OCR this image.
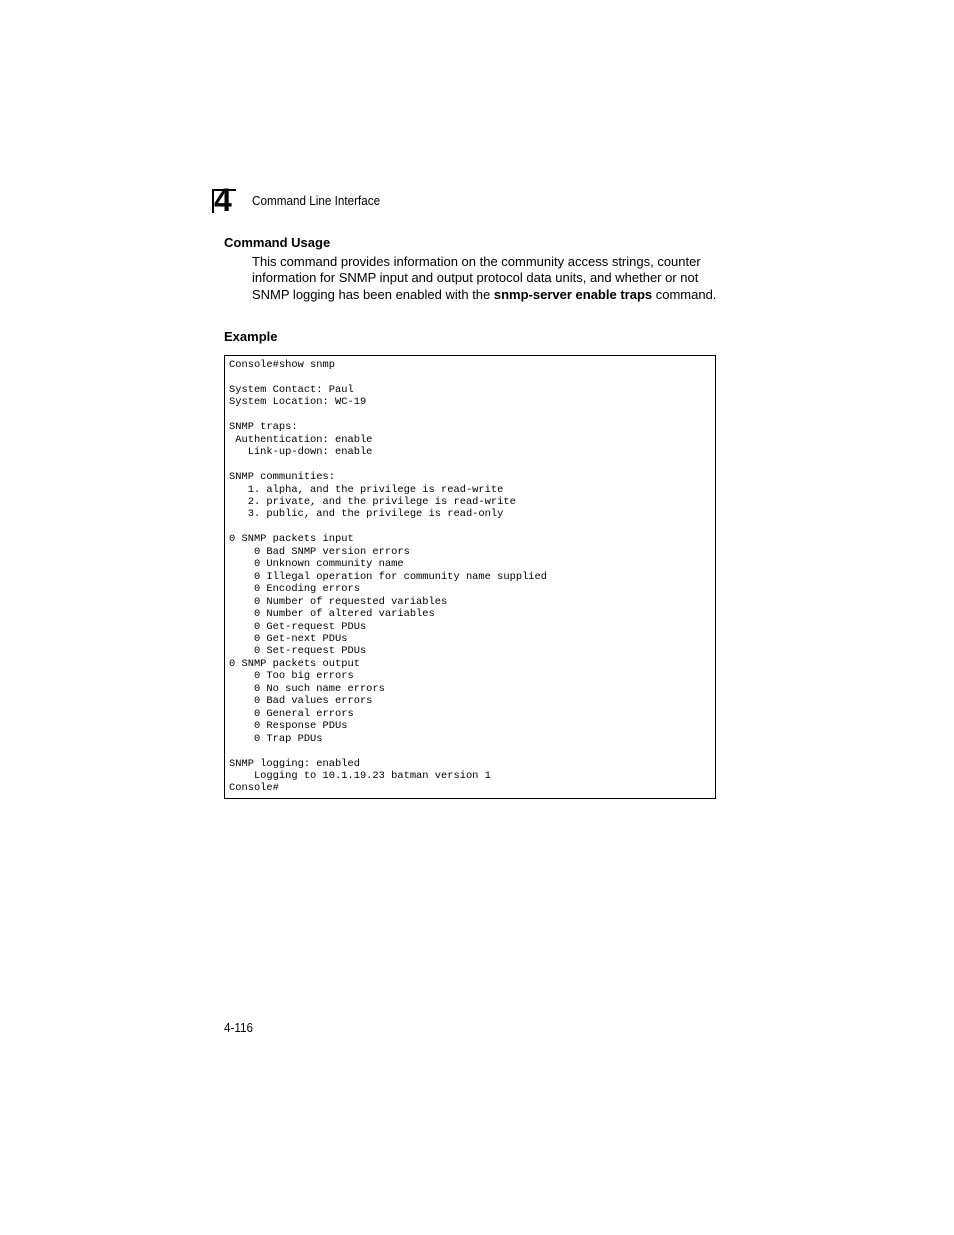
4 Command Line Interface
Command Usage
This command provides information on the community access strings, counter information for SNMP input and output protocol data units, and whether or not SNMP logging has been enabled with the snmp-server enable traps command.
Example
Console#show snmp

System Contact: Paul
System Location: WC-19

SNMP traps:
Authentication: enable
Link-up-down: enable

SNMP communities:
1. alpha, and the privilege is read-write
2. private, and the privilege is read-write
3. public, and the privilege is read-only

0 SNMP packets input
0 Bad SNMP version errors
0 Unknown community name
0 Illegal operation for community name supplied
0 Encoding errors
0 Number of requested variables
0 Number of altered variables
0 Get-request PDUs
0 Get-next PDUs
0 Set-request PDUs
0 SNMP packets output
0 Too big errors
0 No such name errors
0 Bad values errors
0 General errors
0 Response PDUs
0 Trap PDUs

SNMP logging: enabled
Logging to 10.1.19.23 batman version 1
Console#
4-116
